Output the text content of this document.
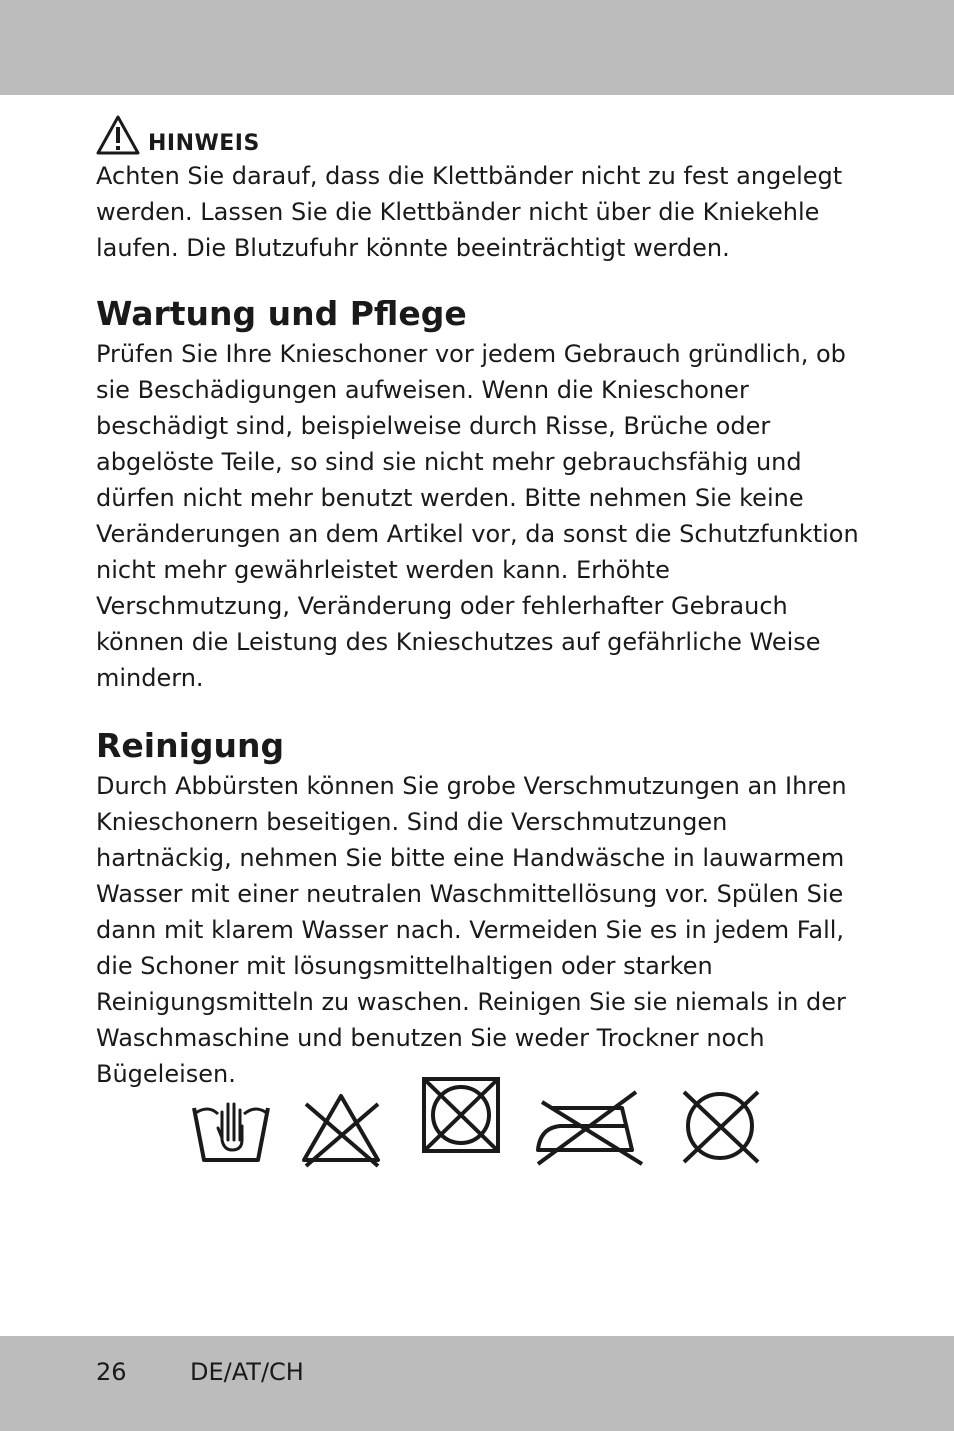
HINWEIS

Achten Sie darauf, dass die Klettbänder nicht zu fest angelegt werden. Lassen Sie die Klettbänder nicht über die Kniekehle laufen. Die Blutzufuhr könnte beeinträchtigt werden.

Wartung und Pflege

Prüfen Sie Ihre Knieschoner vor jedem Gebrauch gründlich, ob sie Beschädigungen aufweisen. Wenn die Knieschoner beschädigt sind, beispielweise durch Risse, Brüche oder abgelöste Teile, so sind sie nicht mehr gebrauchsfähig und dürfen nicht mehr benutzt werden. Bitte nehmen Sie keine Veränderungen an dem Artikel vor, da sonst die Schutzfunktion nicht mehr gewährleistet werden kann. Erhöhte Verschmutzung, Veränderung oder fehlerhafter Gebrauch können die Leistung des Knieschutzes auf gefährliche Weise mindern.

Reinigung

Durch Abbürsten können Sie grobe Verschmutzungen an Ihren Knieschonern beseitigen. Sind die Verschmutzungen hartnäckig, nehmen Sie bitte eine Handwäsche in lauwarmem Wasser mit einer neutralen Waschmittellösung vor. Spülen Sie dann mit klarem Wasser nach. Vermeiden Sie es in jedem Fall, die Schoner mit lösungsmittelhaltigen oder starken Reinigungsmitteln zu waschen. Reinigen Sie sie niemals in der Waschmaschine und benutzen Sie weder Trockner noch Bügeleisen.

26	DE/AT/CH
